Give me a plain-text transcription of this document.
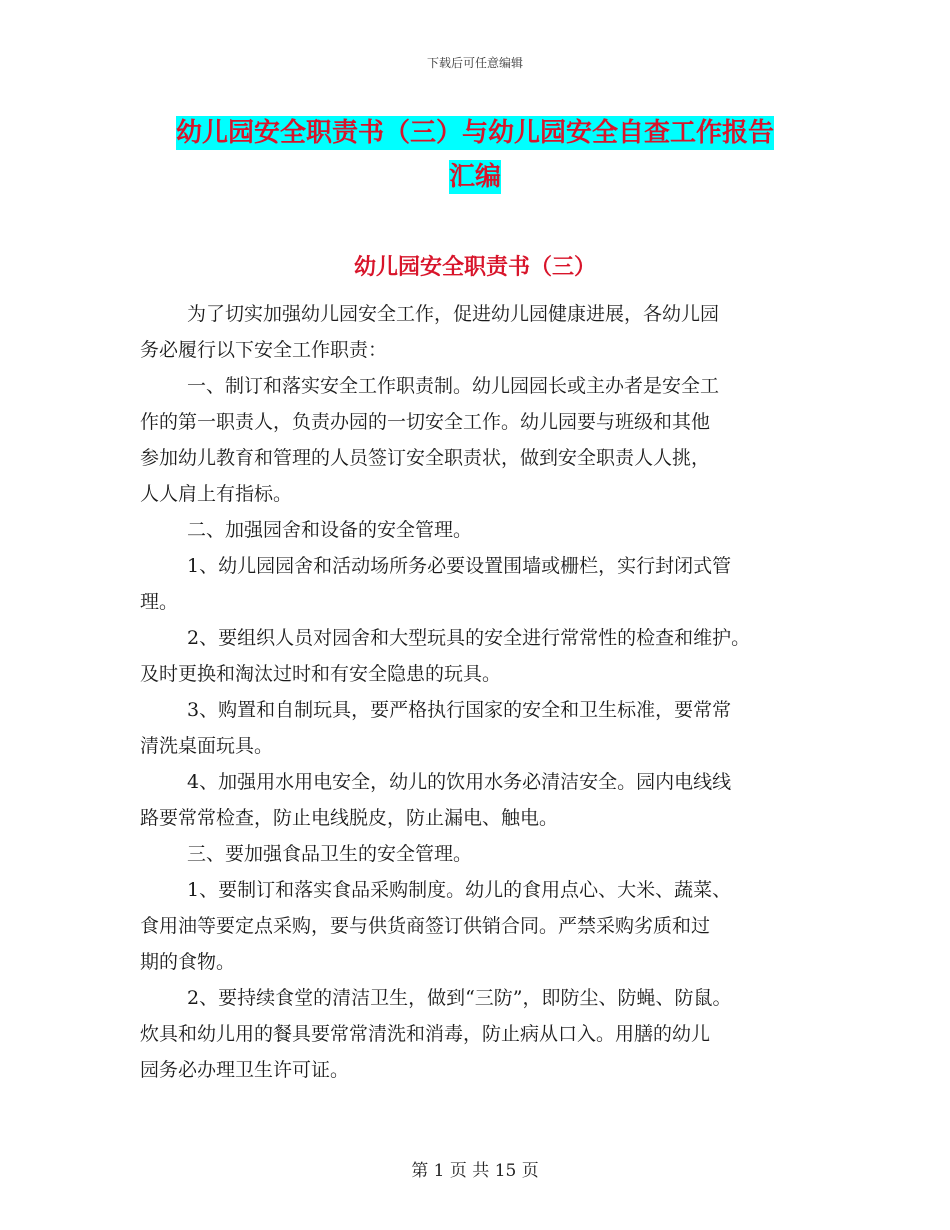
下载后可任意编辑
幼儿园安全职责书（三）与幼儿园安全自查工作报告
汇编
幼儿园安全职责书（三）
为了切实加强幼儿园安全工作，促进幼儿园健康进展，各幼儿园
务必履行以下安全工作职责：
一、制订和落实安全工作职责制。幼儿园园长或主办者是安全工
作的第一职责人，负责办园的一切安全工作。幼儿园要与班级和其他
参加幼儿教育和管理的人员签订安全职责状，做到安全职责人人挑，
人人肩上有指标。
二、加强园舍和设备的安全管理。
1、幼儿园园舍和活动场所务必要设置围墙或栅栏，实行封闭式管
理。
2、要组织人员对园舍和大型玩具的安全进行常常性的检查和维护。
及时更换和淘汰过时和有安全隐患的玩具。
3、购置和自制玩具，要严格执行国家的安全和卫生标准，要常常
清洗桌面玩具。
4、加强用水用电安全，幼儿的饮用水务必清洁安全。园内电线线
路要常常检查，防止电线脱皮，防止漏电、触电。
三、要加强食品卫生的安全管理。
1、要制订和落实食品采购制度。幼儿的食用点心、大米、蔬菜、
食用油等要定点采购，要与供货商签订供销合同。严禁采购劣质和过
期的食物。
2、要持续食堂的清洁卫生，做到“三防”，即防尘、防蝇、防鼠。
炊具和幼儿用的餐具要常常清洗和消毒，防止病从口入。用膳的幼儿
园务必办理卫生许可证。
第 1 页 共 15 页
